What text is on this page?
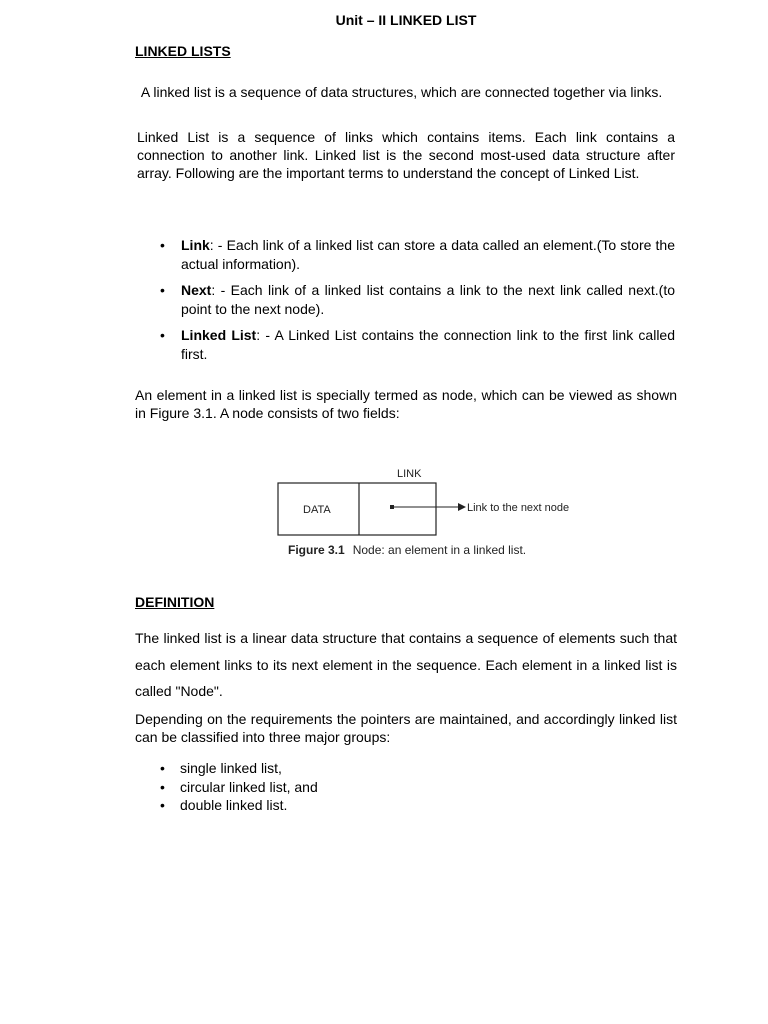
Unit – II LINKED LIST
LINKED LISTS
A linked list is a sequence of data structures, which are connected together via links.
Linked List is a sequence of links which contains items. Each link contains a connection to another link. Linked list is the second most-used data structure after array. Following are the important terms to understand the concept of Linked List.
• Link: - Each link of a linked list can store a data called an element.(To store the actual information).
• Next: - Each link of a linked list contains a link to the next link called next.(to point to the next node).
• Linked List: - A Linked List contains the connection link to the first link called first.
An element in a linked list is specially termed as node, which can be viewed as shown in Figure 3.1. A node consists of two fields:
LINK
DATA	Link to the next node
Figure 3.1 Node: an element in a linked list.
DEFINITION
The linked list is a linear data structure that contains a sequence of elements such that each element links to its next element in the sequence. Each element in a linked list is called "Node".
Depending on the requirements the pointers are maintained, and accordingly linked list can be classified into three major groups:
• single linked list,
• circular linked list, and
• double linked list.
